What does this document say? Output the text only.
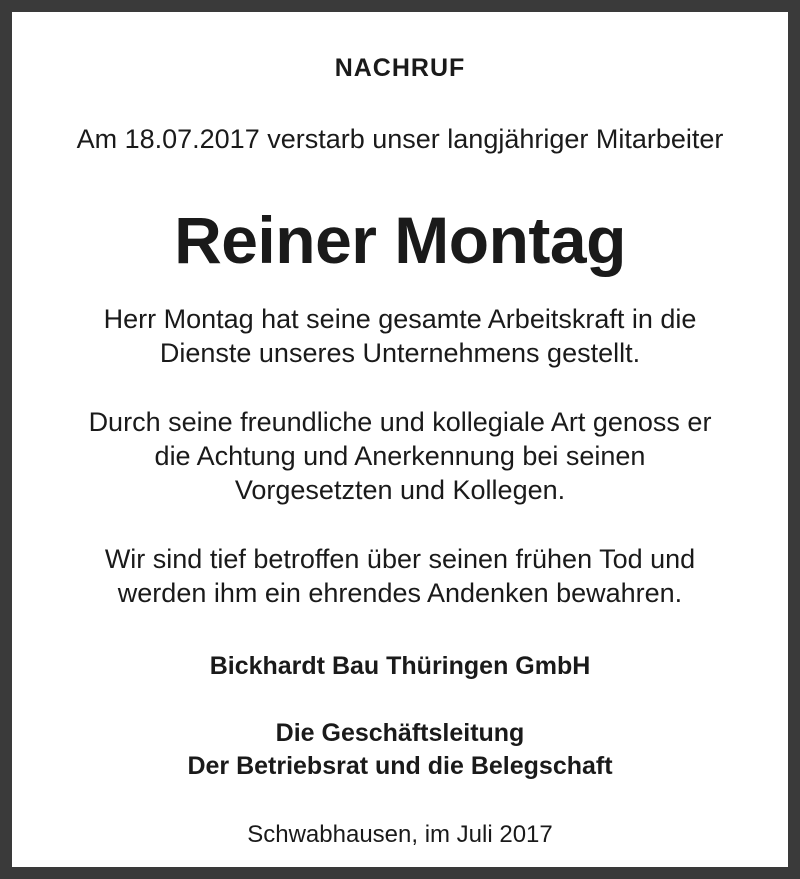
NACHRUF
Am 18.07.2017 verstarb unser langjähriger Mitarbeiter
Reiner Montag
Herr Montag hat seine gesamte Arbeitskraft in die
Dienste unseres Unternehmens gestellt.
Durch seine freundliche und kollegiale Art genoss er
die Achtung und Anerkennung bei seinen
Vorgesetzten und Kollegen.
Wir sind tief betroffen über seinen frühen Tod und
werden ihm ein ehrendes Andenken bewahren.
Bickhardt Bau Thüringen GmbH
Die Geschäftsleitung
Der Betriebsrat und die Belegschaft
Schwabhausen, im Juli 2017
